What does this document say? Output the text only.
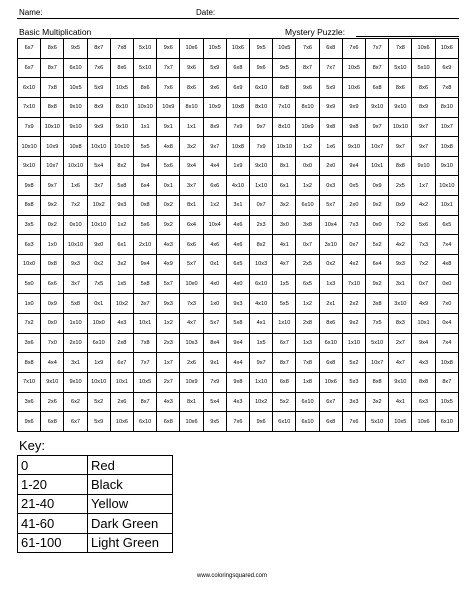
Name:	Date:
Basic Multiplication	Mystery Puzzle:
6x7	8x6	9x5	8x7	7x8	5x10	9x6	10x6	10x5	10x6	9x5	10x5	7x6	6x8	7x6	7x7	7x8	10x6	10x6
6x7	8x7	6x10	7x6	8x6	5x10	7x7	9x6	5x9	6x8	9x6	9x5	8x7	7x7	10x5	8x7	5x10	5x10	6x9
6x10	7x8	10x5	5x9	10x5	8x6	7x6	8x6	9x6	6x9	6x10	6x8	9x6	5x9	10x6	6x8	8x6	8x6	7x8
7x10	8x8	9x10	8x9	8x10	10x10	10x9	8x10	10x9	10x8	8x10	7x10	8x10	9x9	9x9	9x10	9x10	8x9	8x10
7x9	10x10	9x10	9x9	9x10	1x1	9x1	1x1	8x9	7x9	9x7	8x10	10x9	9x8	9x8	9x7	10x10	9x7	10x7
10x10	10x9	10x8	10x10	10x10	5x5	4x8	3x2	9x7	10x8	7x9	10x10	1x2	1x6	9x10	10x7	9x7	9x7	10x8
9x10	10x7	10x10	5x4	8x2	9x4	5x6	9x4	4x4	1x9	9x10	8x1	0x0	2x0	9x4	10x1	8x8	9x10	9x10
9x8	9x7	1x6	3x7	5x8	6x4	0x1	3x7	6x6	4x10	1x10	6x1	1x2	0x3	0x5	0x9	2x5	1x7	10x10
8x8	9x2	7x2	10x2	9x3	0x8	0x2	8x1	1x2	3x1	0x7	3x2	6x10	5x7	2x0	9x2	0x9	4x2	10x1
3x5	0x2	0x10	10x10	1x2	5x6	9x2	6x4	10x4	4x6	2x3	3x0	3x8	10x4	7x3	0x0	7x2	5x6	6x5
6x3	1x0	10x10	9x0	6x1	2x10	4x3	6x6	4x6	4x6	8x2	4x1	0x7	3x10	0x7	5x2	4x2	7x3	7x4
10x0	0x8	9x3	0x2	3x2	9x4	4x9	5x7	0x1	6x5	10x3	4x7	2x5	0x2	4x2	6x4	9x3	7x2	4x8
5x0	6x6	3x7	7x5	1x5	5x8	5x7	10x0	4x0	4x0	6x10	1x5	6x5	1x3	7x10	9x2	3x1	0x7	0x0
1x0	0x9	5x8	0x1	10x2	3x7	9x3	7x3	1x0	9x3	4x10	5x5	1x2	2x1	2x2	3x8	3x10	4x9	7x0
7x2	0x0	1x10	10x0	4x3	10x1	1x2	4x7	5x7	5x8	4x1	1x10	2x8	8x6	9x2	7x5	8x3	10x1	0x4
3x6	7x0	2x10	6x10	2x8	7x8	2x3	10x3	8x4	9x4	1x5	6x7	1x3	6x10	1x10	5x10	2x7	9x4	7x4
8x8	4x4	3x1	1x9	6x7	7x7	1x7	2x6	9x1	4x4	9x7	8x7	7x8	6x8	5x2	10x7	4x7	4x3	10x8
7x10	9x10	9x10	10x10	10x1	10x5	2x7	10x9	7x9	9x8	1x10	6x8	1x8	10x6	5x3	8x8	9x10	8x8	8x7
3x6	2x6	6x2	5x2	2x6	8x7	4x3	8x1	5x4	4x3	10x2	5x2	6x10	6x7	3x3	3x2	4x1	6x3	10x5
9x6	6x8	6x7	5x9	10x6	6x10	6x8	10x6	9x5	7x6	9x6	6x10	6x10	6x8	7x6	5x10	10x5	10x6	6x10
Key:
0	Red
1-20	Black
21-40	Yellow
41-60	Dark Green
61-100	Light Green
www.coloringsquared.com
